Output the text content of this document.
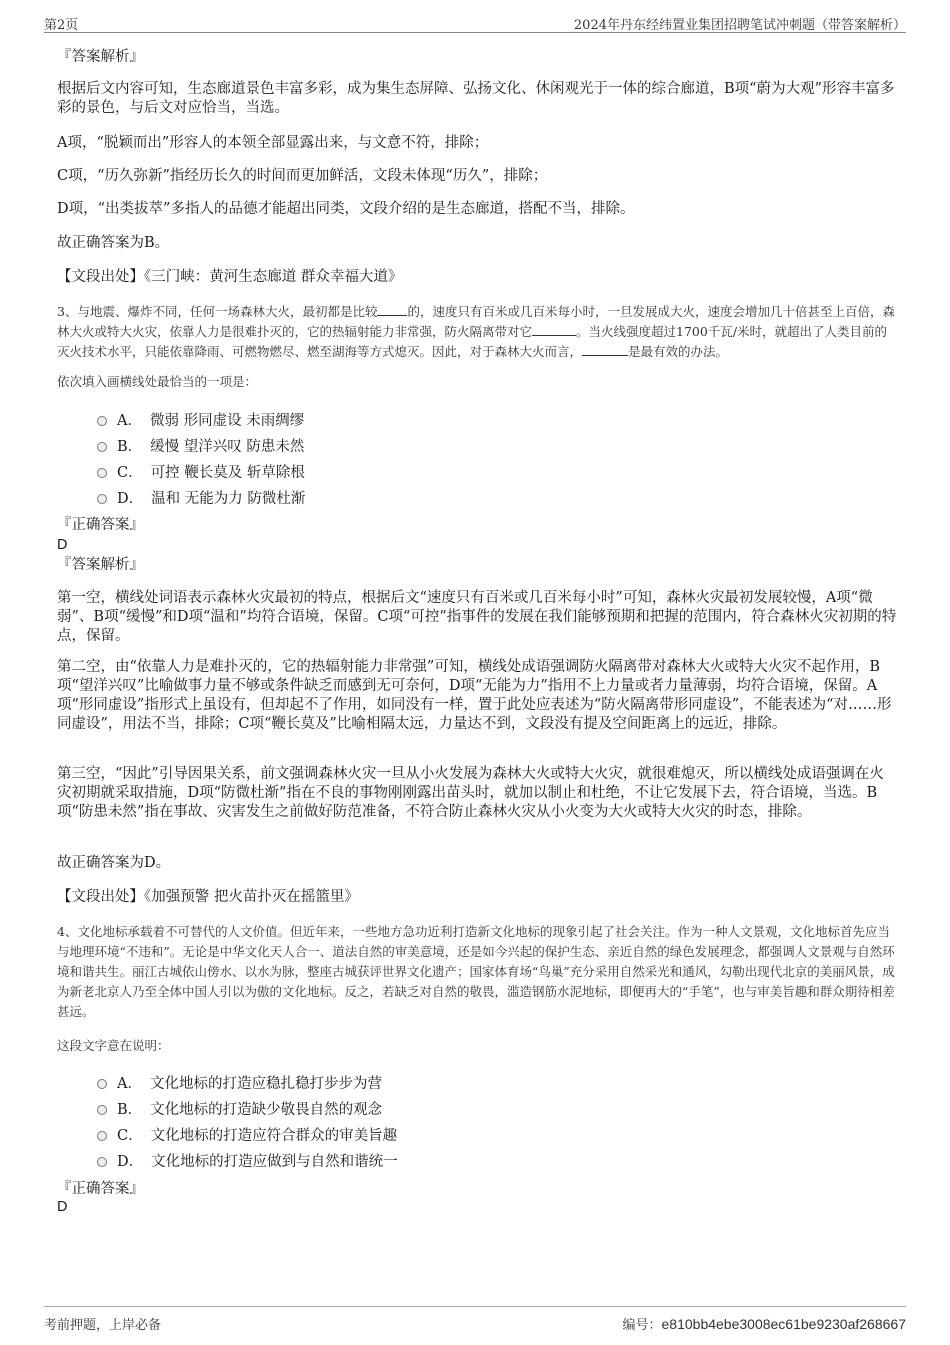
第2页	2024年丹东经纬置业集团招聘笔试冲刺题（带答案解析）
『答案解析』
根据后文内容可知，生态廊道景色丰富多彩，成为集生态屏障、弘扬文化、休闲观光于一体的综合廊道，B项“蔚为大观”形容丰富多彩的景色，与后文对应恰当，当选。
A项，“脱颖而出”形容人的本领全部显露出来，与文意不符，排除；
C项，“历久弥新”指经历长久的时间而更加鲜活，文段未体现“历久”，排除；
D项，“出类拔萃”多指人的品德才能超出同类，文段介绍的是生态廊道，搭配不当，排除。
故正确答案为B。
【文段出处】《三门峡：黄河生态廊道 群众幸福大道》
3、与地震、爆炸不同，任何一场森林大火，最初都是比较 的，速度只有百米或几百米每小时，一旦发展成大火，速度会增加几十倍甚至上百倍，森林大火或特大火灾，依靠人力是很难扑灭的，它的热辐射能力非常强，防火隔离带对它	。当火线强度超过1700千瓦/米时，就超出了人类目前的灭火技术水平，只能依靠降雨、可燃物燃尽、燃至湖海等方式熄灭。因此，对于森林大火而言，	是最有效的办法。
依次填入画横线处最恰当的一项是：
A． 微弱 形同虚设 未雨绸缪
B． 缓慢 望洋兴叹 防患未然
C． 可控 鞭长莫及 斩草除根
D． 温和 无能为力 防微杜渐
『正确答案』
D
『答案解析』
第一空，横线处词语表示森林火灾最初的特点，根据后文“速度只有百米或几百米每小时”可知，森林火灾最初发展较慢，A项“微弱”、B项“缓慢”和D项“温和”均符合语境，保留。C项“可控”指事件的发展在我们能够预期和把握的范围内，符合森林火灾初期的特点，保留。
第二空，由“依靠人力是难扑灭的，它的热辐射能力非常强”可知，横线处成语强调防火隔离带对森林大火或特大火灾不起作用，B项“望洋兴叹”比喻做事力量不够或条件缺乏而感到无可奈何，D项“无能为力”指用不上力量或者力量薄弱，均符合语境，保留。A项“形同虚设”指形式上虽设有，但却起不了作用，如同没有一样，置于此处应表述为“防火隔离带形同虚设”，不能表述为“对……形同虚设”，用法不当，排除；C项“鞭长莫及”比喻相隔太远，力量达不到，文段没有提及空间距离上的远近，排除。
第三空，“因此”引导因果关系，前文强调森林火灾一旦从小火发展为森林大火或特大火灾，就很难熄灭，所以横线处成语强调在火灾初期就采取措施，D项“防微杜渐”指在不良的事物刚刚露出苗头时，就加以制止和杜绝，不让它发展下去，符合语境，当选。B项“防患未然”指在事故、灾害发生之前做好防范准备，不符合防止森林火灾从小火变为大火或特大火灾的时态，排除。
故正确答案为D。
【文段出处】《加强预警 把火苗扑灭在摇篮里》
4、文化地标承载着不可替代的人文价值。但近年来，一些地方急功近利打造新文化地标的现象引起了社会关注。作为一种人文景观，文化地标首先应当与地理环境“不违和”。无论是中华文化天人合一、道法自然的审美意境，还是如今兴起的保护生态、亲近自然的绿色发展理念，都强调人文景观与自然环境和谐共生。丽江古城依山傍水、以水为脉，整座古城获评世界文化遗产；国家体育场“鸟巢”充分采用自然采光和通风，勾勒出现代北京的美丽风景，成为新老北京人乃至全体中国人引以为傲的文化地标。反之，若缺乏对自然的敬畏，滥造钢筋水泥地标，即便再大的“手笔”，也与审美旨趣和群众期待相差甚远。
这段文字意在说明：
A． 文化地标的打造应稳扎稳打步步为营
B． 文化地标的打造缺少敬畏自然的观念
C． 文化地标的打造应符合群众的审美旨趣
D． 文化地标的打造应做到与自然和谐统一
『正确答案』
D
考前押题，上岸必备	编号：e810bb4ebe3008ec61be9230af268667
